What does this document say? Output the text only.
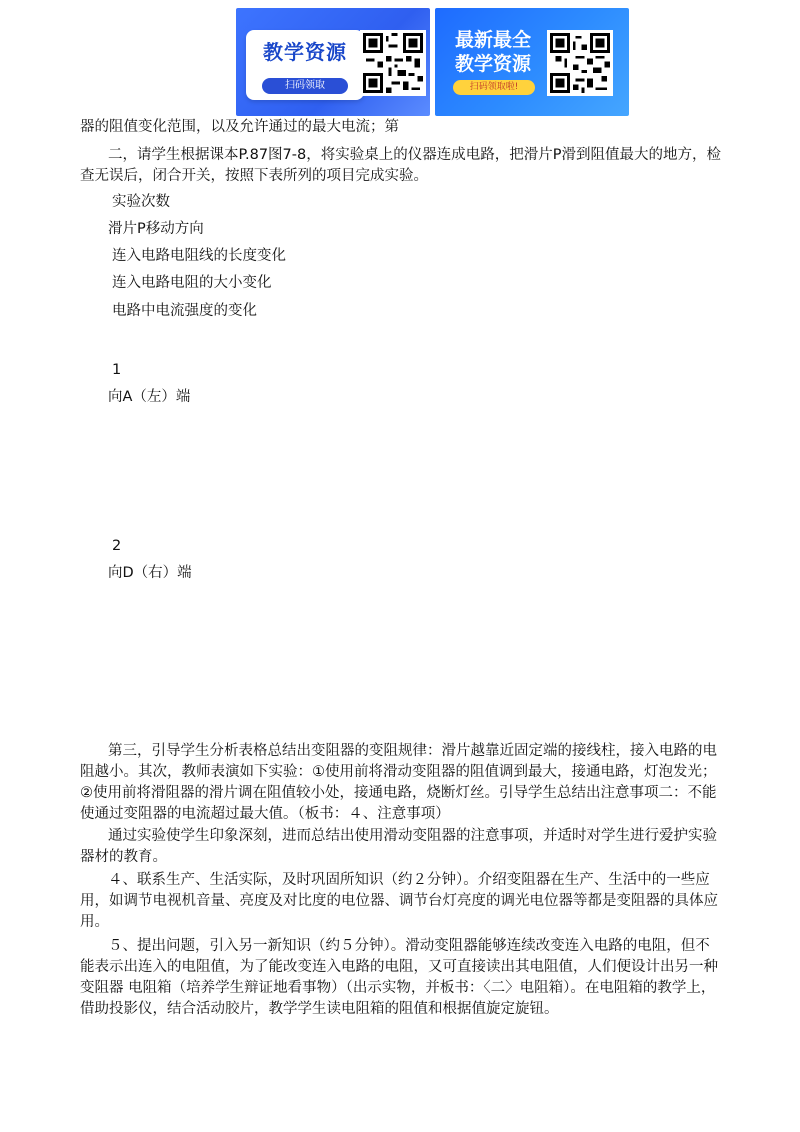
教学资源
扫码领取
最新最全
教学资源
扫码领取啦!

器的阻值变化范围，以及允许通过的最大电流；第

二，请学生根据课本P.87图7-8，将实验桌上的仪器连成电路，把滑片P滑到阻值最大的地方，检查无误后，闭合开关，按照下表所列的项目完成实验。

实验次数
滑片P移动方向
连入电路电阻线的长度变化
连入电路电阻的大小变化
电路中电流强度的变化
1
向A（左）端
2
向D（右）端

第三，引导学生分析表格总结出变阻器的变阻规律：滑片越靠近固定端的接线柱，接入电路的电阻越小。其次，教师表演如下实验：①使用前将滑动变阻器的阻值调到最大，接通电路，灯泡发光；②使用前将滑阻器的滑片调在阻值较小处，接通电路，烧断灯丝。引导学生总结出注意事项二：不能使通过变阻器的电流超过最大值。（板书：４、注意事项）

通过实验使学生印象深刻，进而总结出使用滑动变阻器的注意事项，并适时对学生进行爱护实验器材的教育。

４、联系生产、生活实际，及时巩固所知识（约２分钟）。介绍变阻器在生产、生活中的一些应用，如调节电视机音量、亮度及对比度的电位器、调节台灯亮度的调光电位器等都是变阻器的具体应用。

５、提出问题，引入另一新知识（约５分钟）。滑动变阻器能够连续改变连入电路的电阻，但不能表示出连入的电阻值，为了能改变连入电路的电阻，又可直接读出其电阻值，人们便设计出另一种变阻器 电阻箱（培养学生辩证地看事物）（出示实物，并板书：〈二〉电阻箱）。在电阻箱的教学上，借助投影仪，结合活动胶片，教学学生读电阻箱的阻值和根据值旋定旋钮。
